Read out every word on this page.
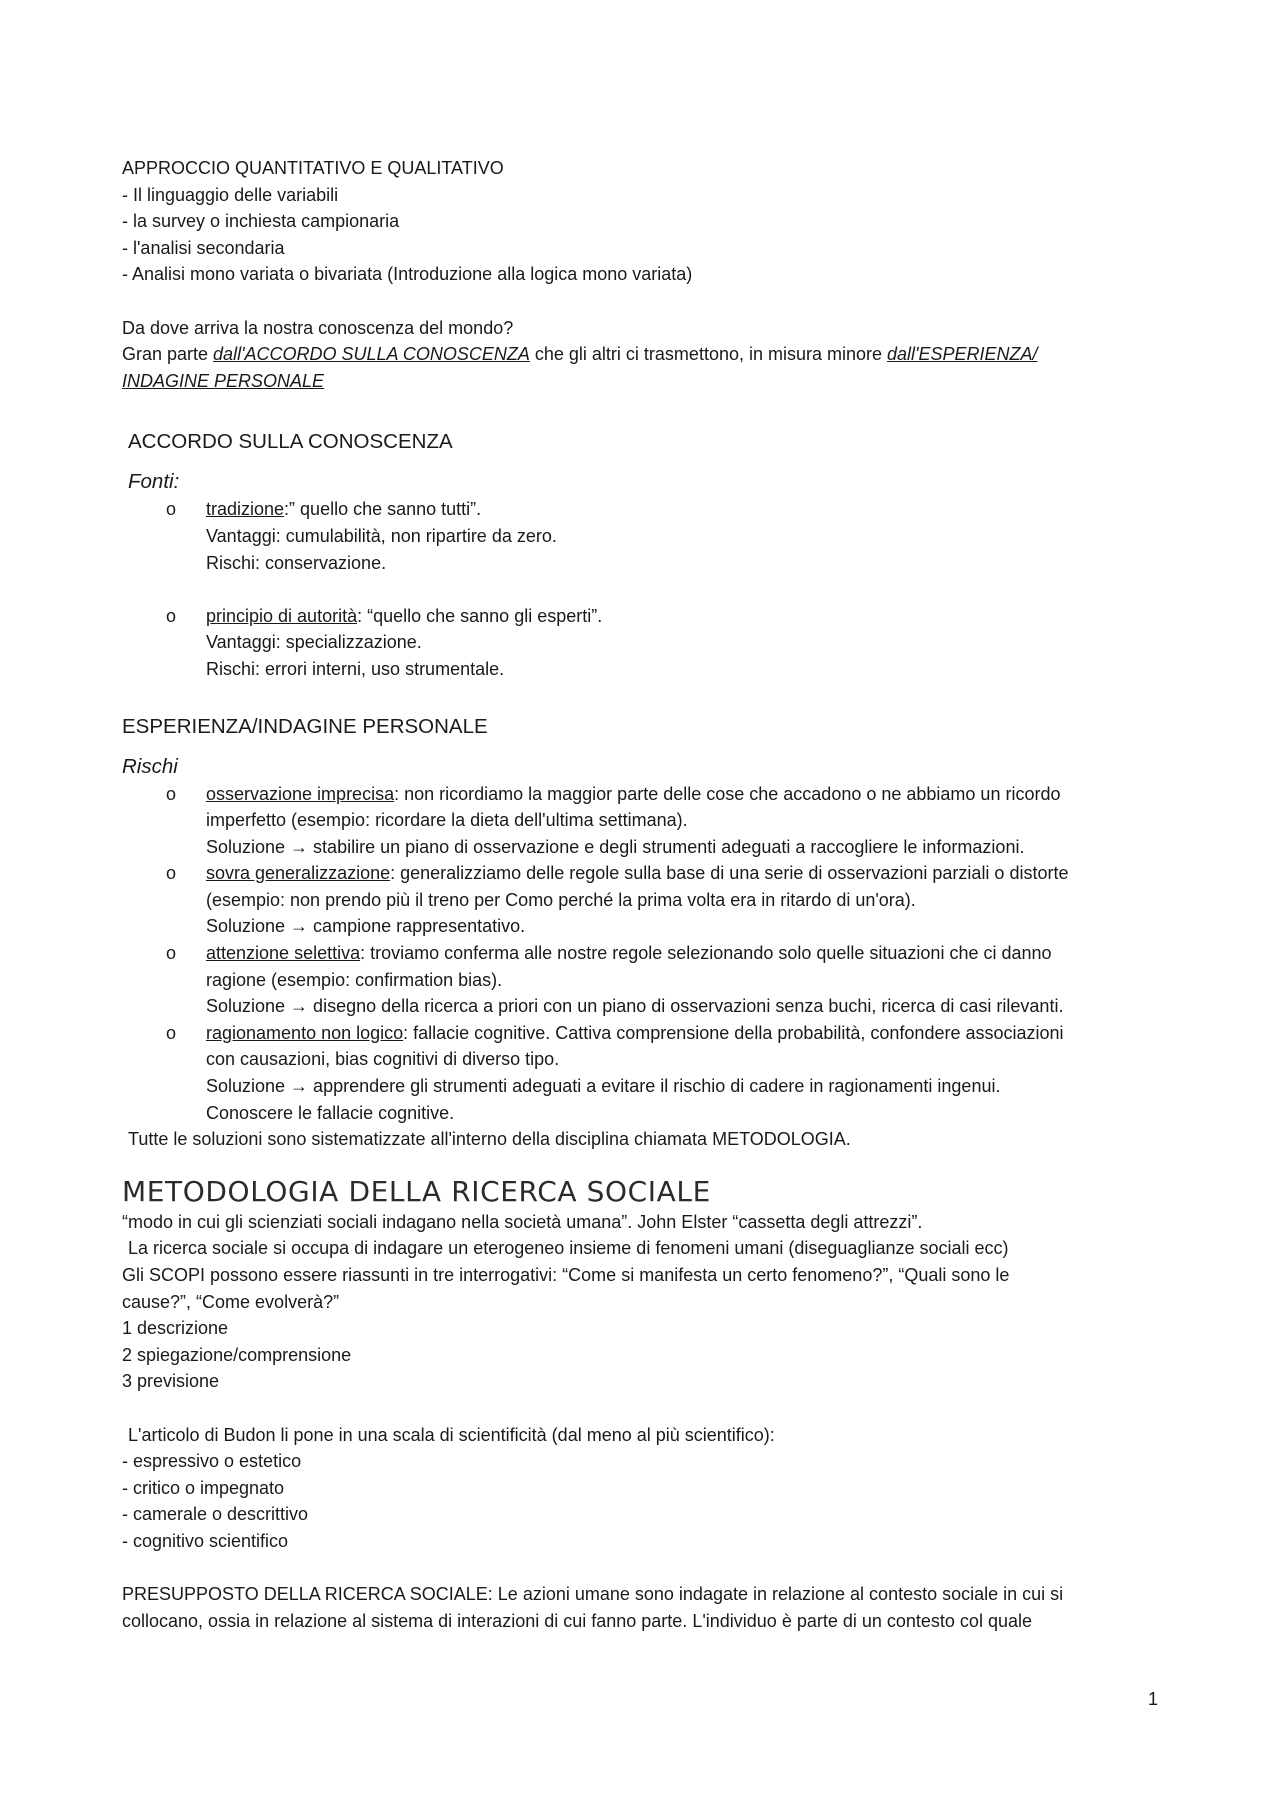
APPROCCIO QUANTITATIVO E QUALITATIVO

- Il linguaggio delle variabili

- la survey o inchiesta campionaria

- l'analisi secondaria

- Analisi mono variata o bivariata (Introduzione alla logica mono variata)

Da dove arriva la nostra conoscenza del mondo?

Gran parte dall'ACCORDO SULLA CONOSCENZA che gli altri ci trasmettono, in misura minore dall'ESPERIENZA/

INDAGINE PERSONALE

ACCORDO SULLA CONOSCENZA

Fonti:

o tradizione:” quello che sanno tutti”.

Vantaggi: cumulabilità, non ripartire da zero.

Rischi: conservazione.

o principio di autorità: “quello che sanno gli esperti”.

Vantaggi: specializzazione.

Rischi: errori interni, uso strumentale.

ESPERIENZA/INDAGINE PERSONALE

Rischi

o osservazione imprecisa: non ricordiamo la maggior parte delle cose che accadono o ne abbiamo un ricordo

imperfetto (esempio: ricordare la dieta dell'ultima settimana).

Soluzione → stabilire un piano di osservazione e degli strumenti adeguati a raccogliere le informazioni.

o sovra generalizzazione: generalizziamo delle regole sulla base di una serie di osservazioni parziali o distorte

(esempio: non prendo più il treno per Como perché la prima volta era in ritardo di un'ora).

Soluzione → campione rappresentativo.

o attenzione selettiva: troviamo conferma alle nostre regole selezionando solo quelle situazioni che ci danno

ragione (esempio: confirmation bias).

Soluzione → disegno della ricerca a priori con un piano di osservazioni senza buchi, ricerca di casi rilevanti.

o ragionamento non logico: fallacie cognitive. Cattiva comprensione della probabilità, confondere associazioni

con causazioni, bias cognitivi di diverso tipo.

Soluzione → apprendere gli strumenti adeguati a evitare il rischio di cadere in ragionamenti ingenui.

Conoscere le fallacie cognitive.

Tutte le soluzioni sono sistematizzate all'interno della disciplina chiamata METODOLOGIA.

METODOLOGIA DELLA RICERCA SOCIALE

“modo in cui gli scienziati sociali indagano nella società umana”. John Elster “cassetta degli attrezzi”.

La ricerca sociale si occupa di indagare un eterogeneo insieme di fenomeni umani (diseguaglianze sociali ecc)

Gli SCOPI possono essere riassunti in tre interrogativi: “Come si manifesta un certo fenomeno?”, “Quali sono le

cause?”, “Come evolverà?”

1 descrizione

2 spiegazione/comprensione

3 previsione

L'articolo di Budon li pone in una scala di scientificità (dal meno al più scientifico):

- espressivo o estetico

- critico o impegnato

- camerale o descrittivo

- cognitivo scientifico

PRESUPPOSTO DELLA RICERCA SOCIALE: Le azioni umane sono indagate in relazione al contesto sociale in cui si

collocano, ossia in relazione al sistema di interazioni di cui fanno parte. L'individuo è parte di un contesto col quale

1
